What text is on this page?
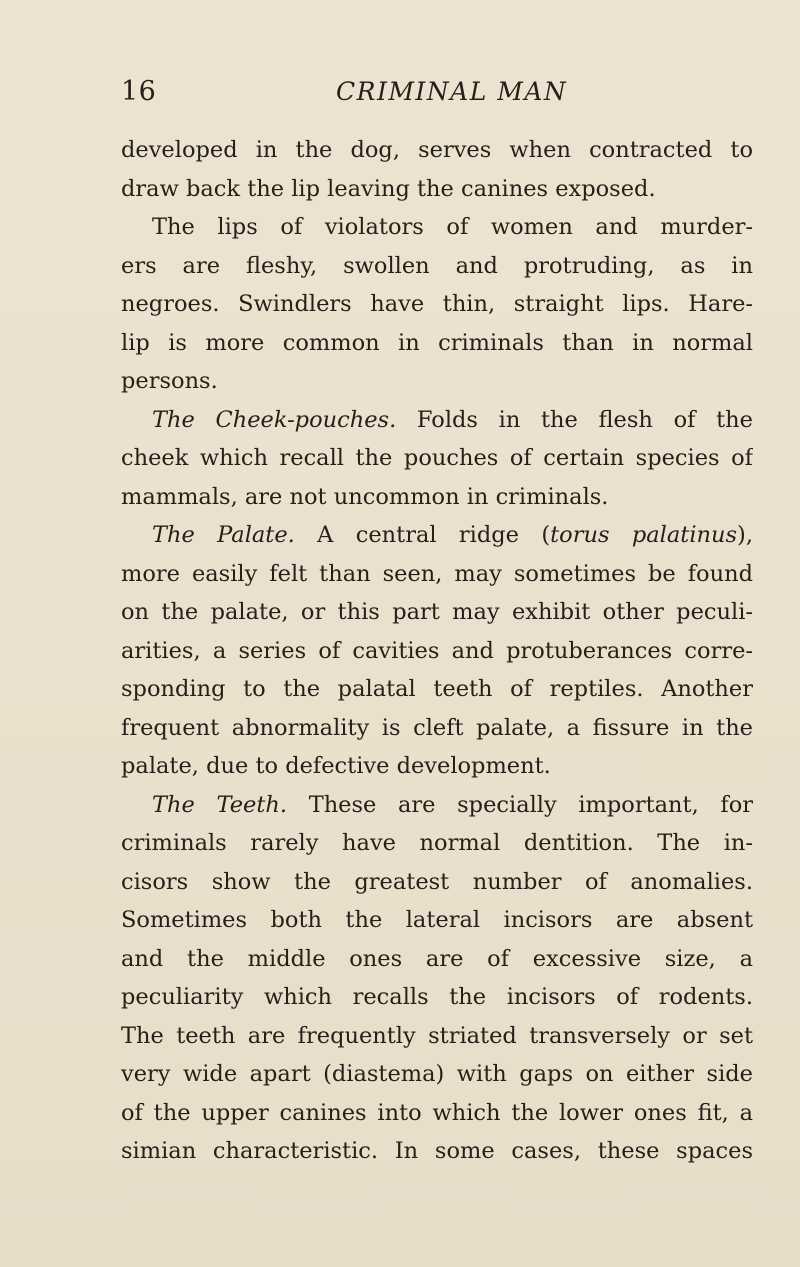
16	CRIMINAL MAN
developed in the dog, serves when contracted to
draw back the lip leaving the canines exposed.
The lips of violators of women and murder-
ers are fleshy, swollen and protruding, as in
negroes. Swindlers have thin, straight lips. Hare-
lip is more common in criminals than in normal
persons.
The Cheek-pouches. Folds in the flesh of the
cheek which recall the pouches of certain species of
mammals, are not uncommon in criminals.
The Palate. A central ridge (torus palatinus),
more easily felt than seen, may sometimes be found
on the palate, or this part may exhibit other peculi-
arities, a series of cavities and protuberances corre-
sponding to the palatal teeth of reptiles. Another
frequent abnormality is cleft palate, a fissure in the
palate, due to defective development.
The Teeth. These are specially important, for
criminals rarely have normal dentition. The in-
cisors show the greatest number of anomalies.
Sometimes both the lateral incisors are absent
and the middle ones are of excessive size, a
peculiarity which recalls the incisors of rodents.
The teeth are frequently striated transversely or set
very wide apart (diastema) with gaps on either side
of the upper canines into which the lower ones fit, a
simian characteristic. In some cases, these spaces
